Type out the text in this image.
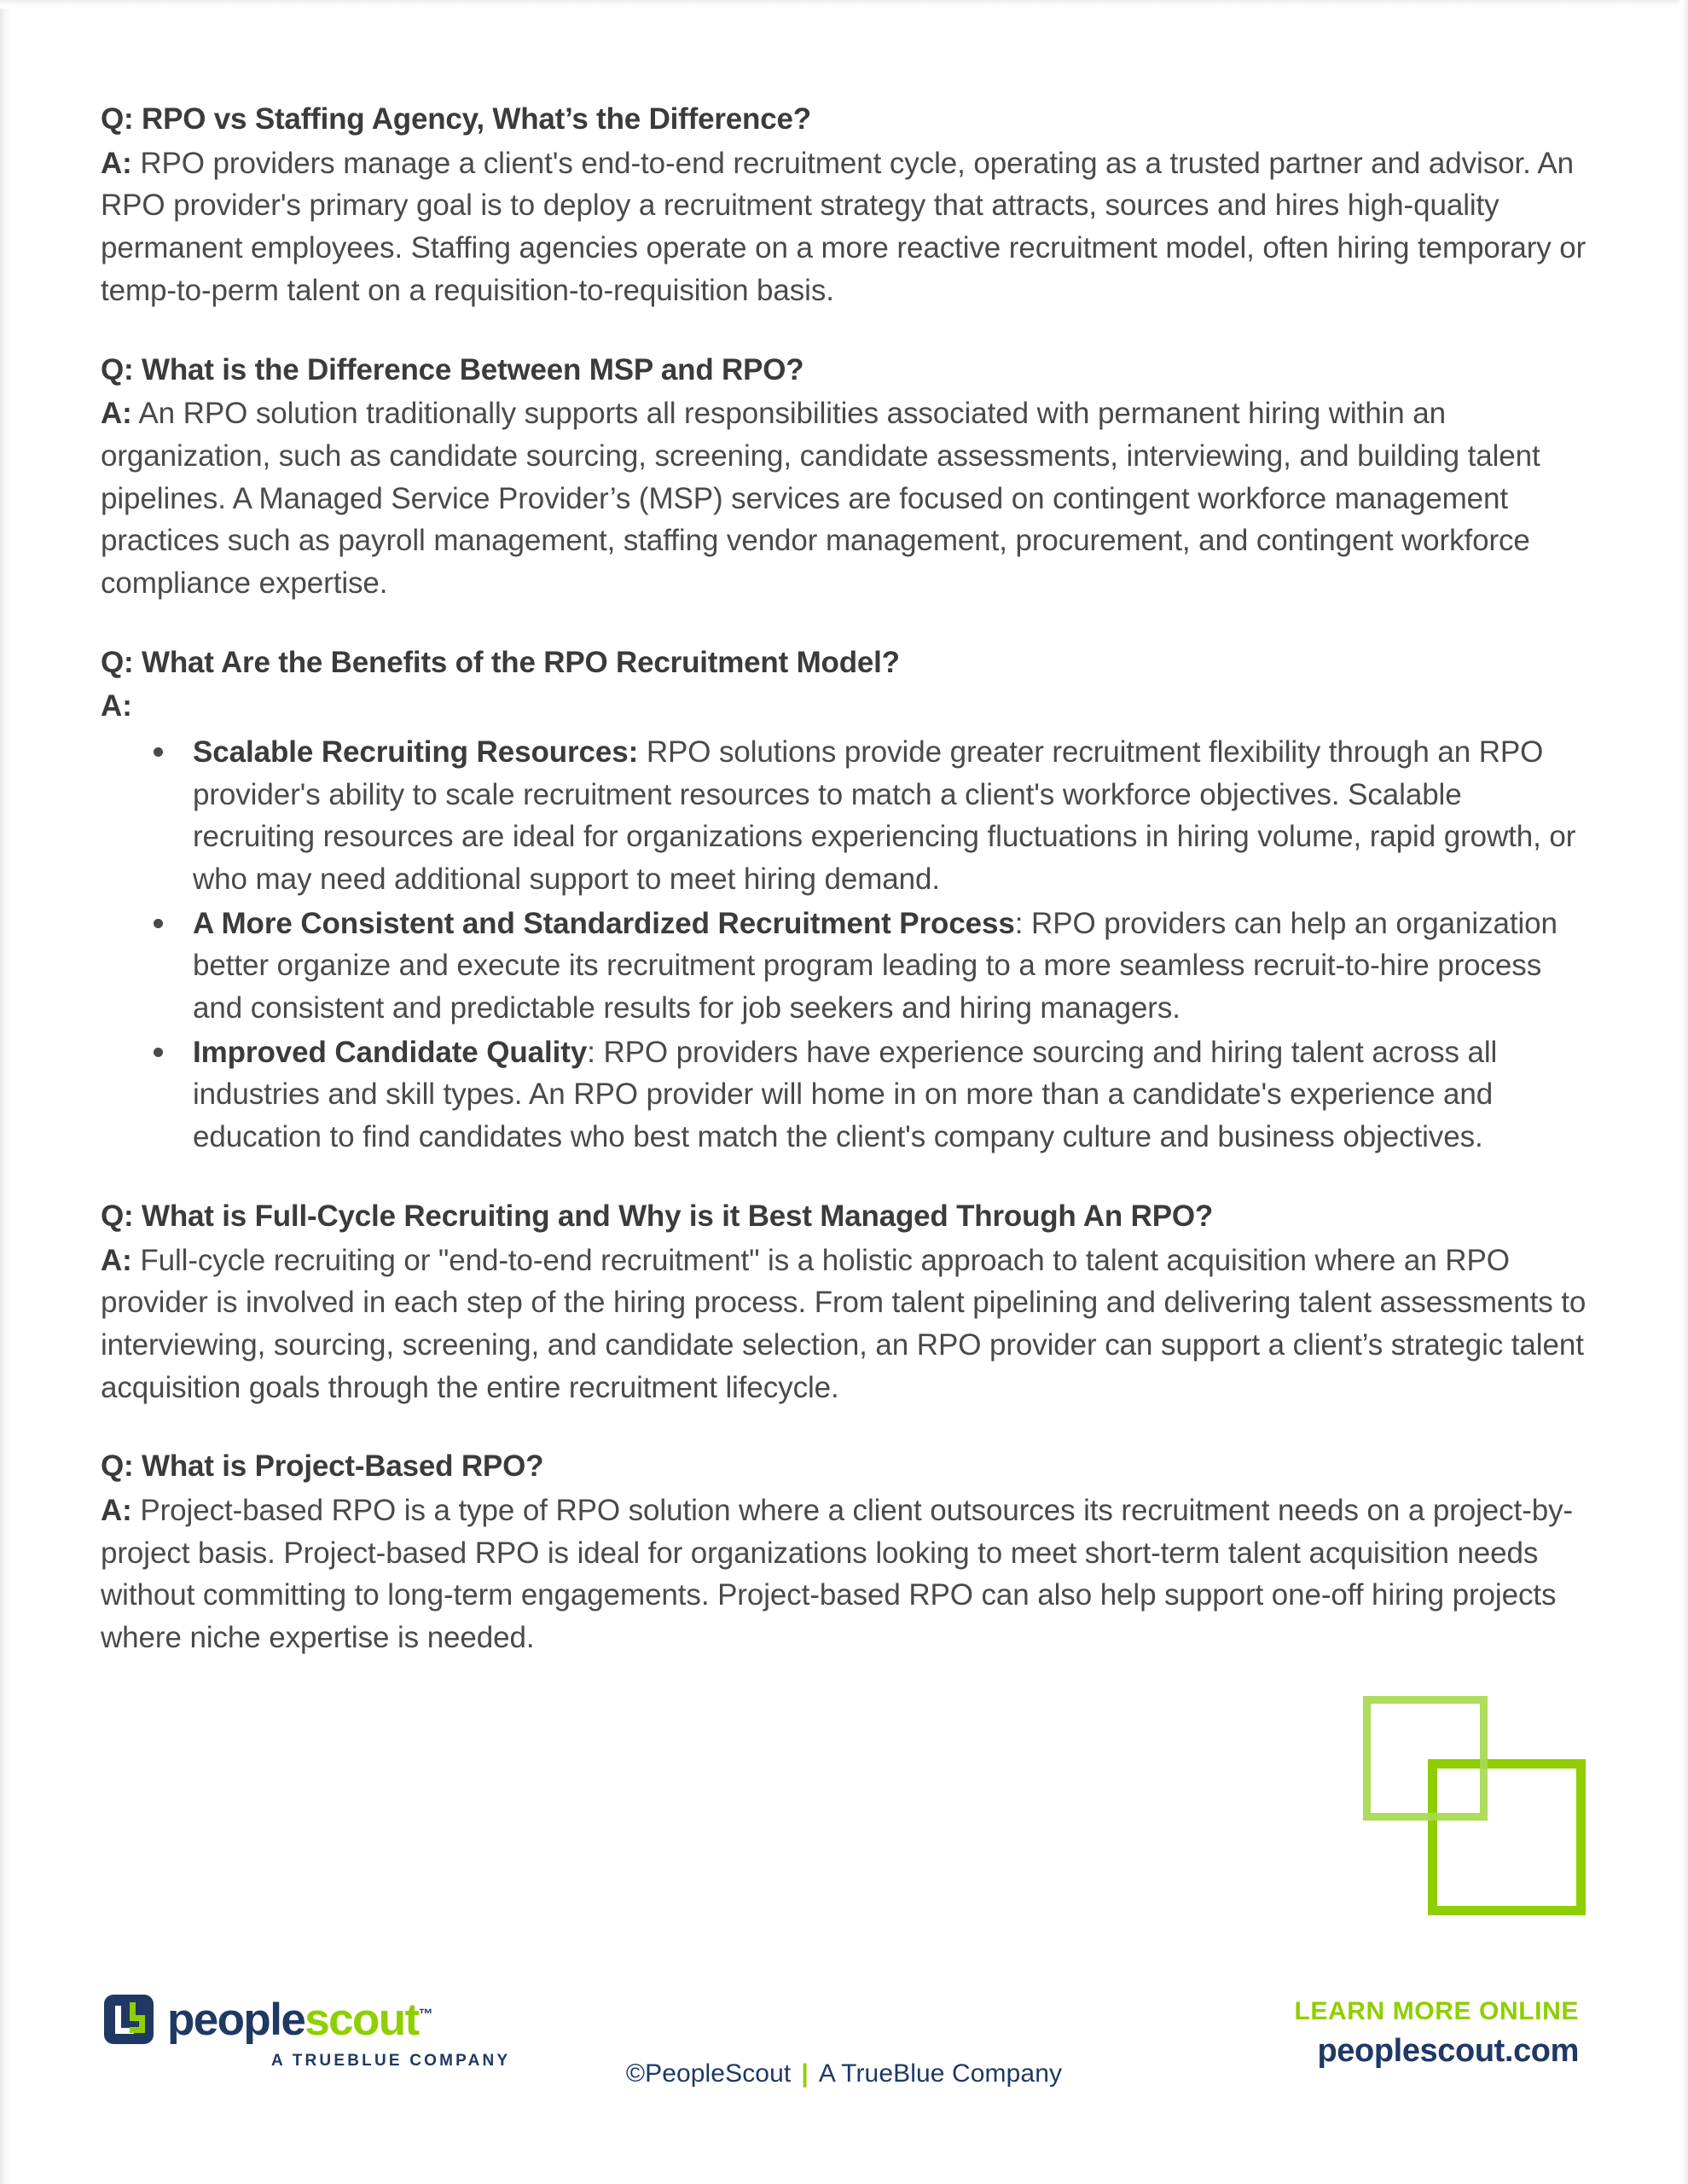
Q: RPO vs Staffing Agency, What’s the Difference?
A: RPO providers manage a client's end-to-end recruitment cycle, operating as a trusted partner and advisor. An RPO provider's primary goal is to deploy a recruitment strategy that attracts, sources and hires high-quality permanent employees. Staffing agencies operate on a more reactive recruitment model, often hiring temporary or temp-to-perm talent on a requisition-to-requisition basis.
Q: What is the Difference Between MSP and RPO?
A: An RPO solution traditionally supports all responsibilities associated with permanent hiring within an organization, such as candidate sourcing, screening, candidate assessments, interviewing, and building talent pipelines. A Managed Service Provider’s (MSP) services are focused on contingent workforce management practices such as payroll management, staffing vendor management, procurement, and contingent workforce compliance expertise.
Q: What Are the Benefits of the RPO Recruitment Model?
A:
Scalable Recruiting Resources: RPO solutions provide greater recruitment flexibility through an RPO provider's ability to scale recruitment resources to match a client's workforce objectives. Scalable recruiting resources are ideal for organizations experiencing fluctuations in hiring volume, rapid growth, or who may need additional support to meet hiring demand.
A More Consistent and Standardized Recruitment Process: RPO providers can help an organization better organize and execute its recruitment program leading to a more seamless recruit-to-hire process and consistent and predictable results for job seekers and hiring managers.
Improved Candidate Quality: RPO providers have experience sourcing and hiring talent across all industries and skill types. An RPO provider will home in on more than a candidate's experience and education to find candidates who best match the client's company culture and business objectives.
Q: What is Full-Cycle Recruiting and Why is it Best Managed Through An RPO?
A: Full-cycle recruiting or "end-to-end recruitment" is a holistic approach to talent acquisition where an RPO provider is involved in each step of the hiring process. From talent pipelining and delivering talent assessments to interviewing, sourcing, screening, and candidate selection, an RPO provider can support a client’s strategic talent acquisition goals through the entire recruitment lifecycle.
Q: What is Project-Based RPO?
A: Project-based RPO is a type of RPO solution where a client outsources its recruitment needs on a project-by-project basis. Project-based RPO is ideal for organizations looking to meet short-term talent acquisition needs without committing to long-term engagements. Project-based RPO can also help support one-off hiring projects where niche expertise is needed.
peoplescout™
A TRUEBLUE COMPANY	©PeopleScout | A TrueBlue Company
LEARN MORE ONLINE
peoplescout.com
